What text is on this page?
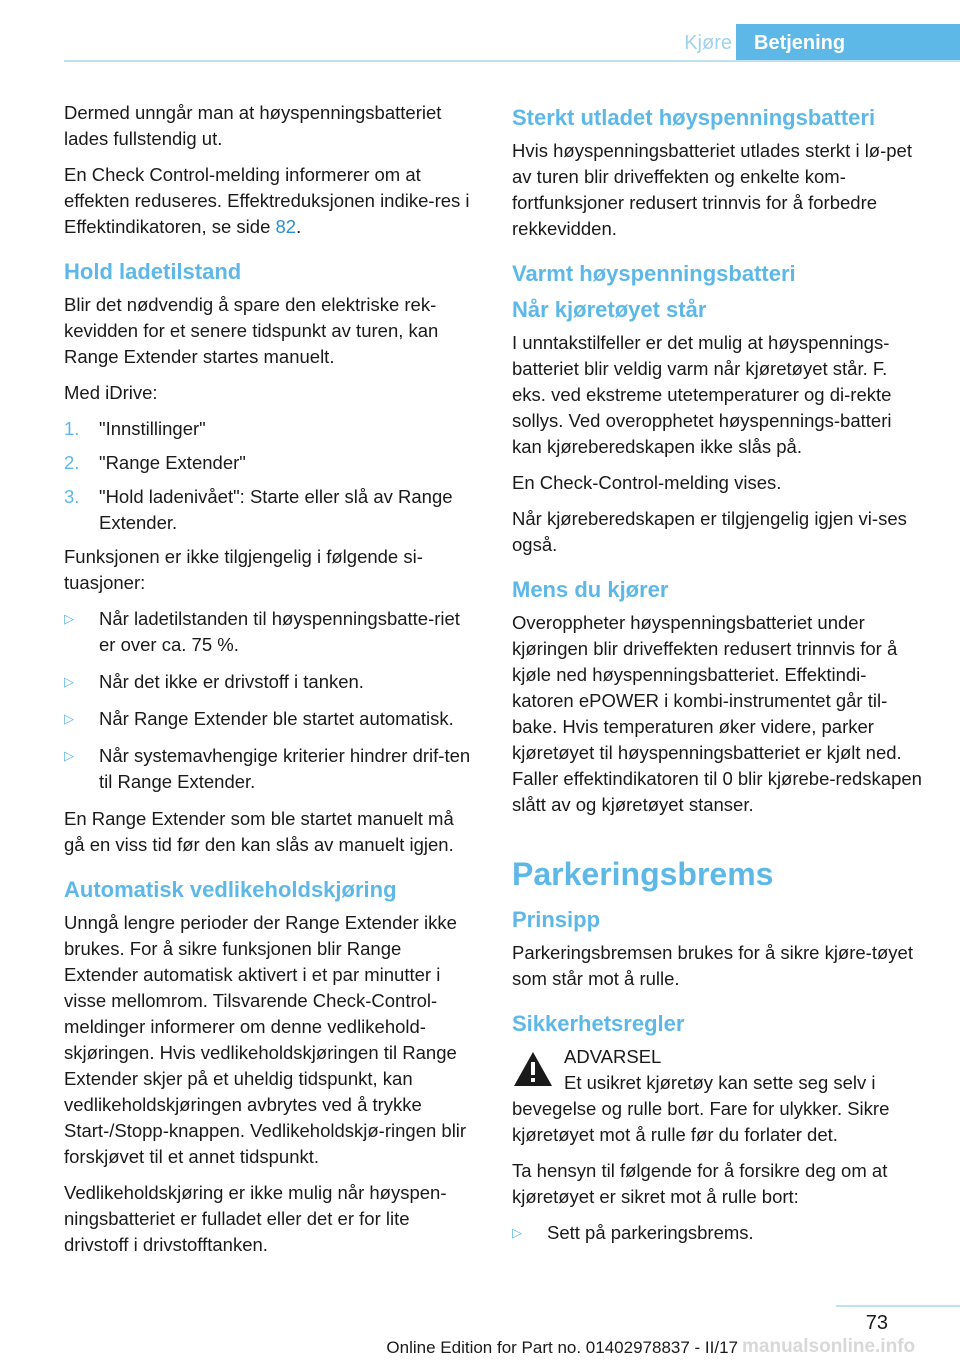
Kjøre	Betjening

Dermed unngår man at høyspenningsbatteriet lades fullstendig ut.

En Check Control-melding informerer om at effekten reduseres. Effektreduksjonen indike‐res i Effektindikatoren, se side 82.

Hold ladetilstand

Blir det nødvendig å spare den elektriske rek‐kevidden for et senere tidspunkt av turen, kan Range Extender startes manuelt.

Med iDrive:

1. "Innstillinger"
2. "Range Extender"
3. "Hold ladenivået": Starte eller slå av Range Extender.

Funksjonen er ikke tilgjengelig i følgende si‐tuasjoner:

▷ Når ladetilstanden til høyspenningsbatte‐riet er over ca. 75 %.
▷ Når det ikke er drivstoff i tanken.
▷ Når Range Extender ble startet automatisk.
▷ Når systemavhengige kriterier hindrer drif‐ten til Range Extender.

En Range Extender som ble startet manuelt må gå en viss tid før den kan slås av manuelt igjen.

Automatisk vedlikeholdskjøring

Unngå lengre perioder der Range Extender ikke brukes. For å sikre funksjonen blir Range Extender automatisk aktivert i et par minutter i visse mellomrom. Tilsvarende Check-Control-meldinger informerer om denne vedlikehold‐skjøringen. Hvis vedlikeholdskjøringen til Range Extender skjer på et uheldig tidspunkt, kan vedlikeholdskjøringen avbrytes ved å trykke Start-/Stopp-knappen. Vedlikeholdskjø‐ringen blir forskjøvet til et annet tidspunkt.

Vedlikeholdskjøring er ikke mulig når høyspen‐ningsbatteriet er fulladet eller det er for lite drivstoff i drivstofftanken.

Sterkt utladet høyspenningsbatteri

Hvis høyspenningsbatteriet utlades sterkt i lø‐pet av turen blir driveffekten og enkelte kom‐fortfunksjoner redusert trinnvis for å forbedre rekkevidden.

Varmt høyspenningsbatteri
Når kjøretøyet står

I unntakstilfeller er det mulig at høyspennings‐batteriet blir veldig varm når kjøretøyet står. F. eks. ved ekstreme utetemperaturer og di‐rekte sollys. Ved overopphetet høyspennings‐batteri kan kjøreberedskapen ikke slås på.

En Check-Control-melding vises.

Når kjøreberedskapen er tilgjengelig igjen vi‐ses også.

Mens du kjører

Overoppheter høyspenningsbatteriet under kjøringen blir driveffekten redusert trinnvis for å kjøle ned høyspenningsbatteriet. Effektindi‐katoren ePOWER i kombi-instrumentet går til‐bake. Hvis temperaturen øker videre, parker kjøretøyet til høyspenningsbatteriet er kjølt ned. Faller effektindikatoren til 0 blir kjørebe‐redskapen slått av og kjøretøyet stanser.

Parkeringsbrems
Prinsipp

Parkeringsbremsen brukes for å sikre kjøre‐tøyet som står mot å rulle.

Sikkerhetsregler
ADVARSEL

Et usikret kjøretøy kan sette seg selv i bevegelse og rulle bort. Fare for ulykker. Sikre kjøretøyet mot å rulle før du forlater det.

Ta hensyn til følgende for å forsikre deg om at kjøretøyet er sikret mot å rulle bort:

▷ Sett på parkeringsbrems.
73
manualsonline.info
Online Edition for Part no. 01402978837 - II/17
